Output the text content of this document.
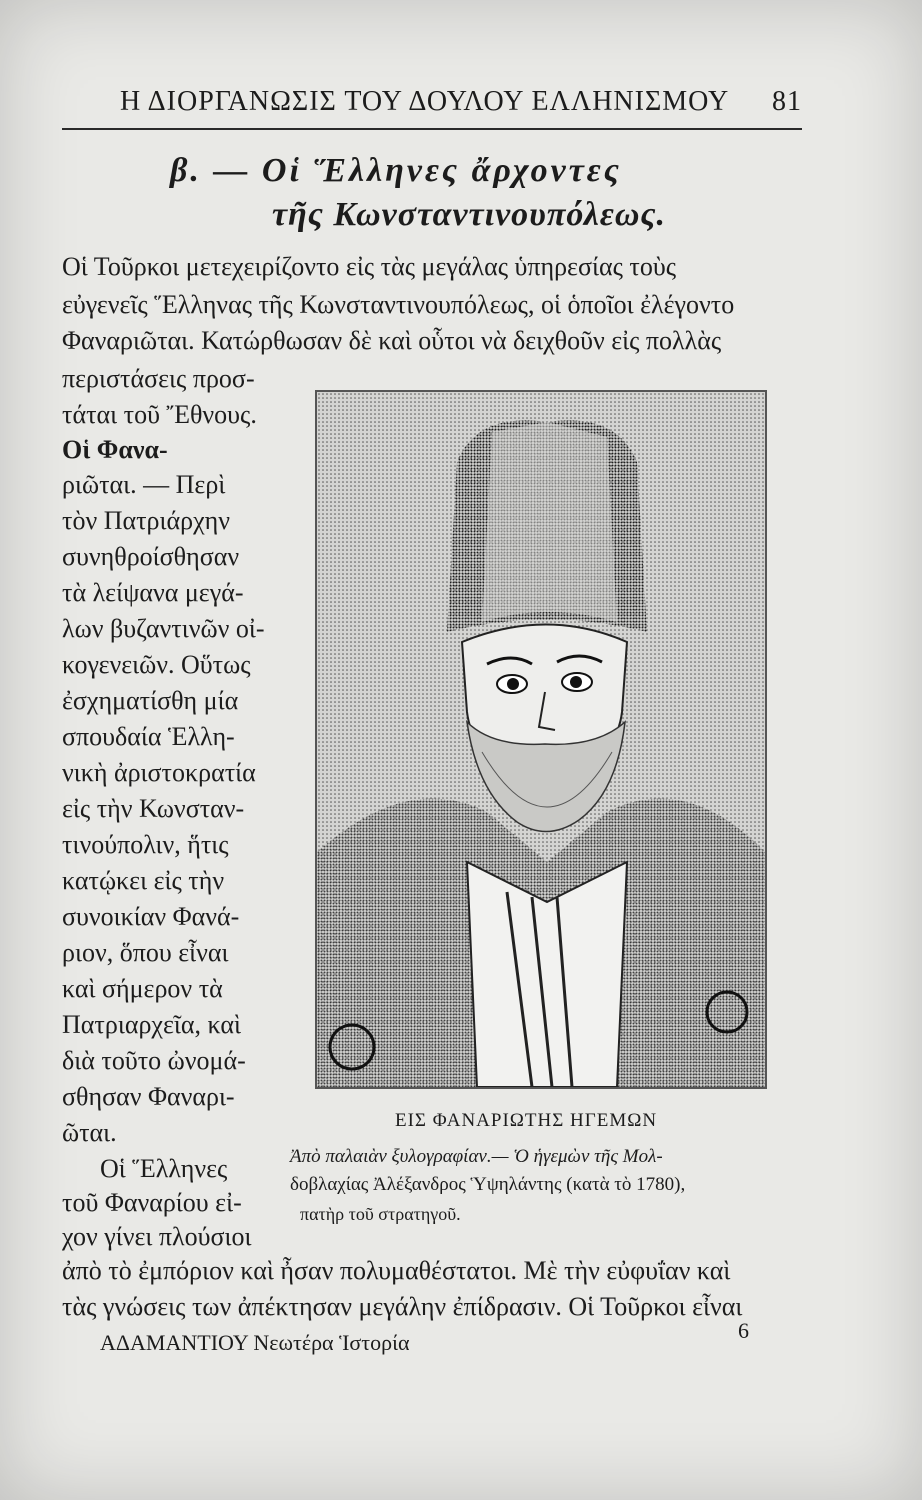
Η ΔΙΟΡΓΑΝΩΣΙΣ ΤΟΥ ΔΟΥΛΟΥ ΕΛΛΗΝΙΣΜΟΥ 81
β. — Οἱ Ἕλληνες ἄρχοντες
τῆς Κωνσταντινουπόλεως.
Οἱ Τοῦρκοι μετεχειρίζοντο εἰς τὰς μεγάλας ὑπηρεσίας τοὺς
εὐγενεῖς Ἕλληνας τῆς Κωνσταντινουπόλεως, οἱ ὁποῖοι ἐλέγοντο
Φαναριῶται. Κατώρθωσαν δὲ καὶ οὗτοι νὰ δειχθοῦν εἰς πολλὰς
περιστάσεις προσ-
τάται τοῦ Ἔθνους.
Οἱ Φανα-
ριῶται. — Περὶ
τὸν Πατριάρχην
συνηθροίσθησαν
τὰ λείψανα μεγά-
λων βυζαντινῶν οἰ-
κογενειῶν. Οὕτως
ἐσχηματίσθη μία
σπουδαία Ἑλλη-
νικὴ ἀριστοκρατία
εἰς τὴν Κωνσταν-
τινούπολιν, ἥτις
κατῴκει εἰς τὴν
συνοικίαν Φανά-
ριον, ὅπου εἶναι
καὶ σήμερον τὰ
Πατριαρχεῖα, καὶ
διὰ τοῦτο ὠνομά-
σθησαν Φαναρι-
ῶται.
Οἱ Ἕλληνες
τοῦ Φαναρίου εἰ-
χον γίνει πλούσιοι
ἀπὸ τὸ ἐμπόριον καὶ ἦσαν πολυμαθέστατοι. Μὲ τὴν εὐφυΐαν καὶ
τὰς γνώσεις των ἀπέκτησαν μεγάλην ἐπίδρασιν. Οἱ Τοῦρκοι εἶναι
ΕΙΣ ΦΑΝΑΡΙΩΤΗΣ ΗΓΕΜΩΝ
Ἀπὸ παλαιὰν ξυλογραφίαν.— Ὁ ἡγεμὼν τῆς Μολ-
δοβλαχίας Ἀλέξανδρος Ὑψηλάντης (κατὰ τὸ 1780),
πατὴρ τοῦ στρατηγοῦ.
ΑΔΑΜΑΝΤΙΟΥ Νεωτέρα Ἱστορία	6
